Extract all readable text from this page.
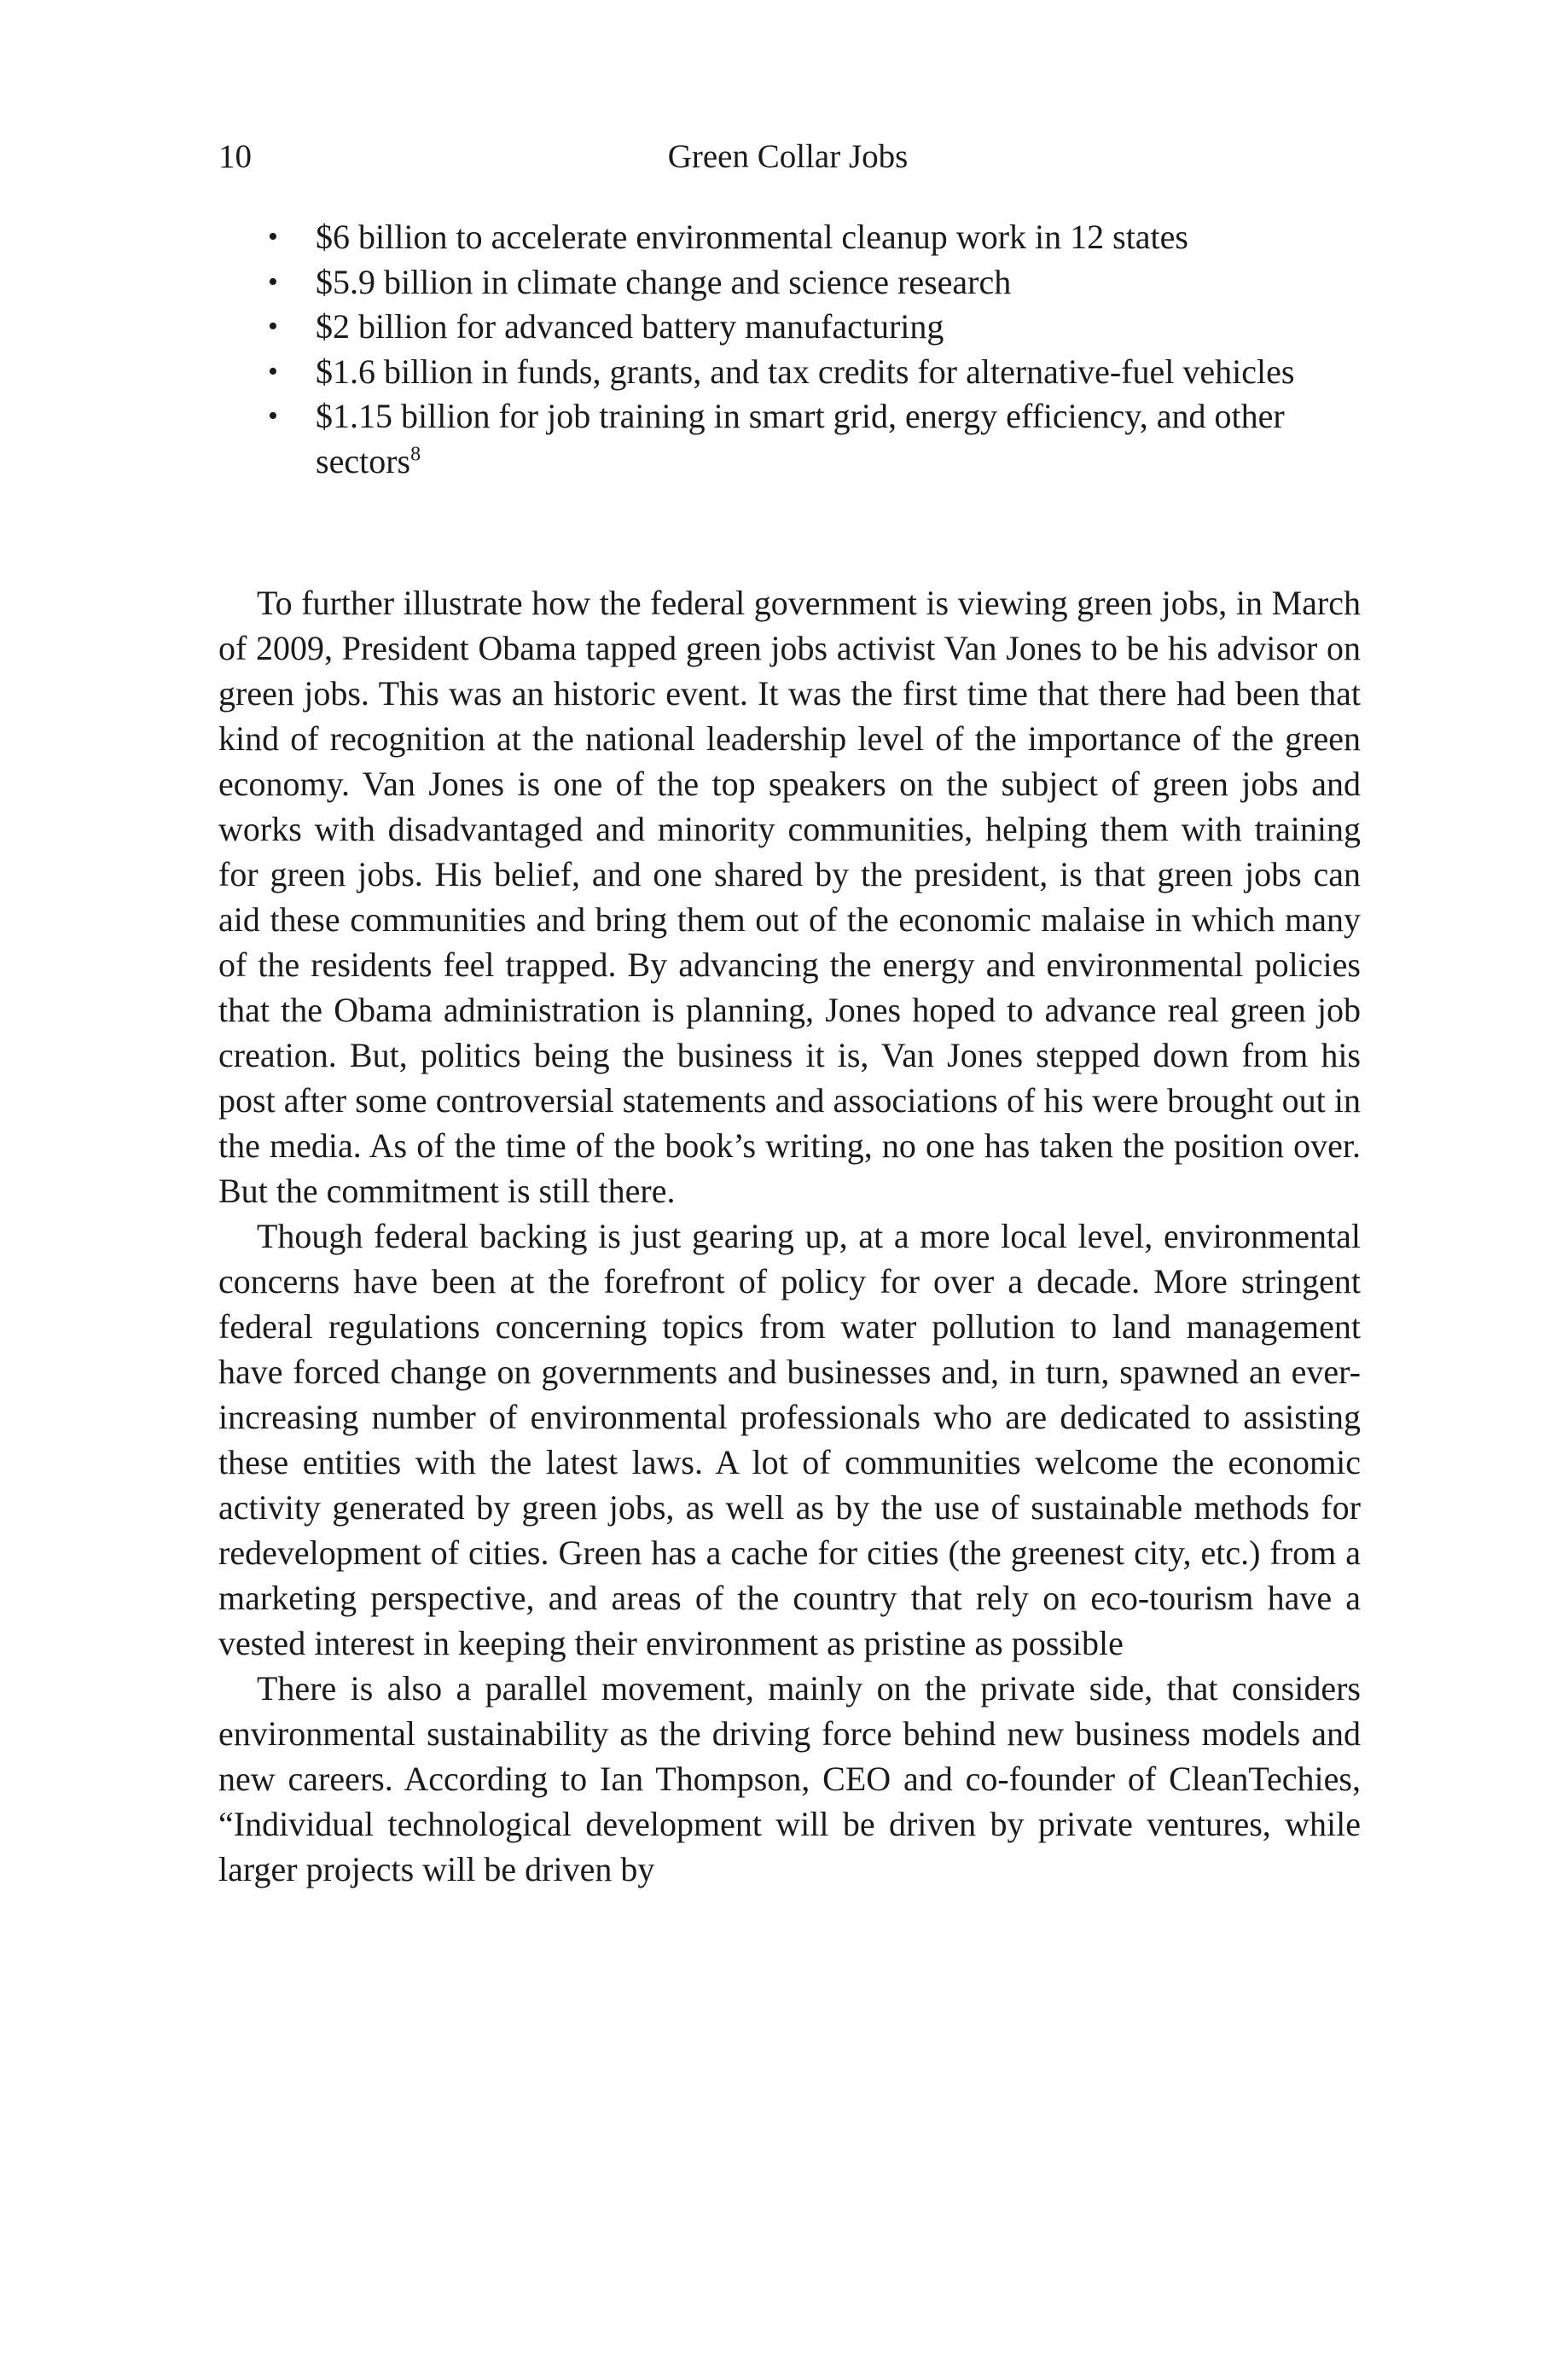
10	Green Collar Jobs
• $6 billion to accelerate environmental cleanup work in 12 states
• $5.9 billion in climate change and science research
• $2 billion for advanced battery manufacturing
• $1.6 billion in funds, grants, and tax credits for alternative-fuel vehicles
• $1.15 billion for job training in smart grid, energy efficiency, and other sectors$^8$

To further illustrate how the federal government is viewing green jobs, in March of 2009, President Obama tapped green jobs activist Van Jones to be his advisor on green jobs. This was an historic event. It was the first time that there had been that kind of recognition at the national leadership level of the importance of the green economy. Van Jones is one of the top speakers on the subject of green jobs and works with disadvantaged and minority communities, helping them with training for green jobs. His belief, and one shared by the president, is that green jobs can aid these communities and bring them out of the economic malaise in which many of the residents feel trapped. By advancing the energy and environmental policies that the Obama administration is planning, Jones hoped to advance real green job creation. But, politics being the business it is, Van Jones stepped down from his post after some controversial statements and associations of his were brought out in the media. As of the time of the book’s writing, no one has taken the position over. But the commitment is still there.

Though federal backing is just gearing up, at a more local level, environmental concerns have been at the forefront of policy for over a decade. More stringent federal regulations concerning topics from water pollution to land management have forced change on governments and businesses and, in turn, spawned an ever-increasing number of environmental professionals who are dedicated to assisting these entities with the latest laws. A lot of communities welcome the economic activity generated by green jobs, as well as by the use of sustainable methods for redevelopment of cities. Green has a cache for cities (the greenest city, etc.) from a marketing perspective, and areas of the country that rely on eco-tourism have a vested interest in keeping their environment as pristine as possible

There is also a parallel movement, mainly on the private side, that considers environmental sustainability as the driving force behind new business models and new careers. According to Ian Thompson, CEO and co-founder of CleanTechies, “Individual technological development will be driven by private ventures, while larger projects will be driven by
